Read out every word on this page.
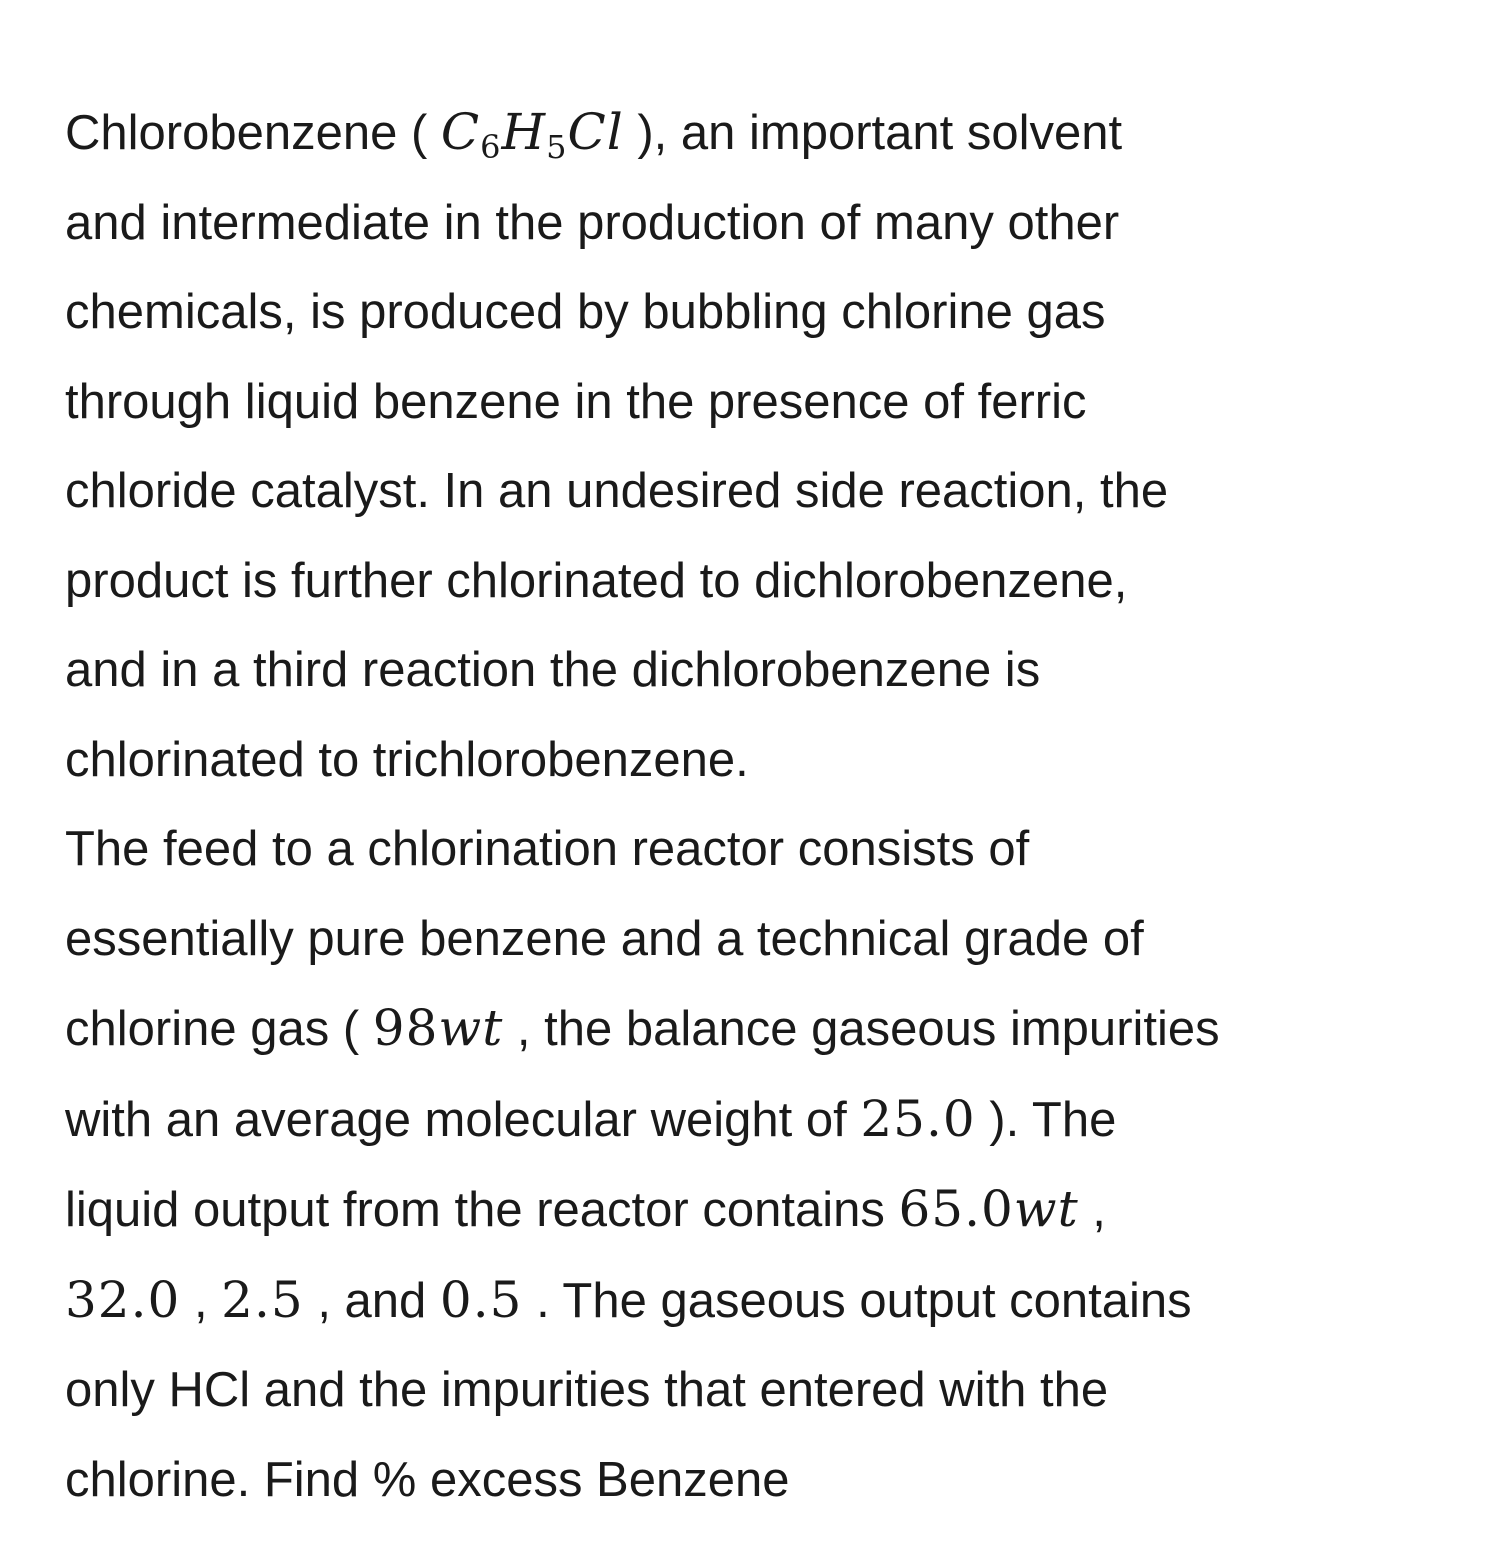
Chlorobenzene ( $C_6H_5Cl$ ), an important solvent

and intermediate in the production of many other

chemicals, is produced by bubbling chlorine gas

through liquid benzene in the presence of ferric

chloride catalyst. In an undesired side reaction, the

product is further chlorinated to dichlorobenzene,

and in a third reaction the dichlorobenzene is

chlorinated to trichlorobenzene.

The feed to a chlorination reactor consists of

essentially pure benzene and a technical grade of

chlorine gas ( 98wt , the balance gaseous impurities

with an average molecular weight of 25.0 ). The

liquid output from the reactor contains 65.0wt ,

32.0 , 2.5 , and 0.5 . The gaseous output contains

only HCl and the impurities that entered with the

chlorine. Find % excess Benzene
